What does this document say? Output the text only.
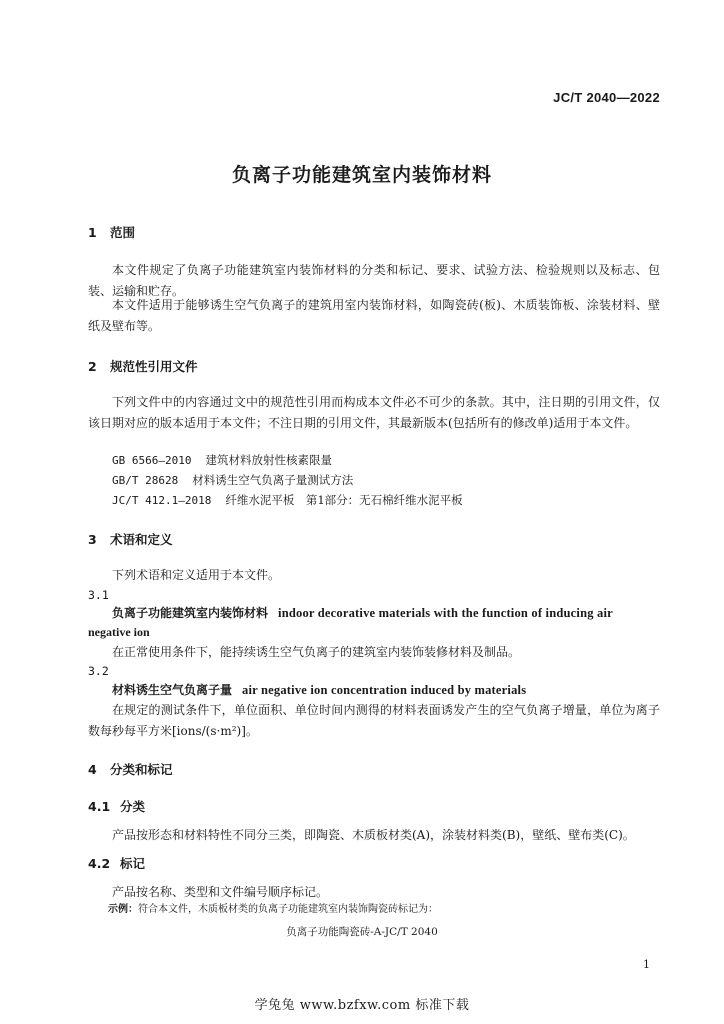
JC/T 2040—2022
负离子功能建筑室内装饰材料
1 范围
本文件规定了负离子功能建筑室内装饰材料的分类和标记、要求、试验方法、检验规则以及标志、包装、运输和贮存。
本文件适用于能够诱生空气负离子的建筑用室内装饰材料，如陶瓷砖(板)、木质装饰板、涂装材料、壁纸及壁布等。
2 规范性引用文件
下列文件中的内容通过文中的规范性引用而构成本文件必不可少的条款。其中，注日期的引用文件，仅该日期对应的版本适用于本文件；不注日期的引用文件，其最新版本(包括所有的修改单)适用于本文件。
GB 6566—2010 建筑材料放射性核素限量
GB/T 28628 材料诱生空气负离子量测试方法
JC/T 412.1—2018 纤维水泥平板　第1部分：无石棉纤维水泥平板
3 术语和定义
下列术语和定义适用于本文件。
3.1
负离子功能建筑室内装饰材料 indoor decorative materials with the function of inducing air
negative ion
在正常使用条件下，能持续诱生空气负离子的建筑室内装饰装修材料及制品。
3.2
材料诱生空气负离子量 air negative ion concentration induced by materials
在规定的测试条件下，单位面积、单位时间内测得的材料表面诱发产生的空气负离子增量，单位为离子数每秒每平方米[ions/(s·m²)]。
4 分类和标记
4.1 分类
产品按形态和材料特性不同分三类，即陶瓷、木质板材类(A)，涂装材料类(B)，壁纸、壁布类(C)。
4.2 标记
产品按名称、类型和文件编号顺序标记。
示例：符合本文件，木质板材类的负离子功能建筑室内装饰陶瓷砖标记为：
负离子功能陶瓷砖-A-JC/T 2040
1
学兔兔 www.bzfxw.com 标准下载
